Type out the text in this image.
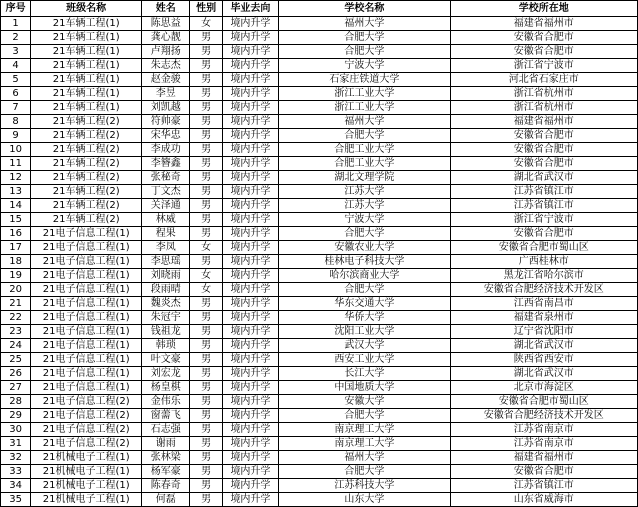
序号	班级名称	姓名	性别	毕业去向	学校名称	学校所在地
1	21车辆工程(1)	陈思益	女	境内升学	福州大学	福建省福州市
2	21车辆工程(1)	龚心靓	男	境内升学	合肥大学	安徽省合肥市
3	21车辆工程(1)	卢翔扬	男	境内升学	合肥大学	安徽省合肥市
4	21车辆工程(1)	朱志杰	男	境内升学	宁波大学	浙江省宁波市
5	21车辆工程(1)	赵金骏	男	境内升学	石家庄铁道大学	河北省石家庄市
6	21车辆工程(1)	李昱	男	境内升学	浙江工业大学	浙江省杭州市
7	21车辆工程(1)	刘凯越	男	境内升学	浙江工业大学	浙江省杭州市
8	21车辆工程(2)	符帅豪	男	境内升学	福州大学	福建省福州市
9	21车辆工程(2)	宋华忠	男	境内升学	合肥大学	安徽省合肥市
10	21车辆工程(2)	李成功	男	境内升学	合肥工业大学	安徽省合肥市
11	21车辆工程(2)	李簪鑫	男	境内升学	合肥工业大学	安徽省合肥市
12	21车辆工程(2)	张秘奇	男	境内升学	湖北文理学院	湖北省武汉市
13	21车辆工程(2)	丁文杰	男	境内升学	江苏大学	江苏省镇江市
14	21车辆工程(2)	关泽通	男	境内升学	江苏大学	江苏省镇江市
15	21车辆工程(2)	林威	男	境内升学	宁波大学	浙江省宁波市
16	21电子信息工程(1)	程果	男	境内升学	合肥大学	安徽省合肥市
17	21电子信息工程(1)	李凤	女	境内升学	安徽农业大学	安徽省合肥市蜀山区
18	21电子信息工程(1)	李思瑶	男	境内升学	桂林电子科技大学	广西桂林市
19	21电子信息工程(1)	刘晓雨	女	境内升学	哈尔滨商业大学	黑龙江省哈尔滨市
20	21电子信息工程(1)	段雨晴	女	境内升学	合肥大学	安徽省合肥经济技术开发区
21	21电子信息工程(1)	魏炎杰	男	境内升学	华东交通大学	江西省南昌市
22	21电子信息工程(1)	朱冠宇	男	境内升学	华侨大学	福建省泉州市
23	21电子信息工程(1)	钱祖龙	男	境内升学	沈阳工业大学	辽宁省沈阳市
24	21电子信息工程(1)	韩琐	男	境内升学	武汉大学	湖北省武汉市
25	21电子信息工程(1)	叶文豪	男	境内升学	西安工业大学	陕西省西安市
26	21电子信息工程(1)	刘宏龙	男	境内升学	长江大学	湖北省武汉市
27	21电子信息工程(1)	杨皇棋	男	境内升学	中国地质大学	北京市海淀区
28	21电子信息工程(2)	金伟乐	男	境内升学	安徽大学	安徽省合肥市蜀山区
29	21电子信息工程(2)	窗薷飞	男	境内升学	合肥大学	安徽省合肥经济技术开发区
30	21电子信息工程(2)	石志强	男	境内升学	南京理工大学	江苏省南京市
31	21电子信息工程(2)	谢雨	男	境内升学	南京理工大学	江苏省南京市
32	21机械电子工程(1)	张林梁	男	境内升学	福州大学	福建省福州市
33	21机械电子工程(1)	杨军豪	男	境内升学	合肥大学	安徽省合肥市
34	21机械电子工程(1)	陈春奇	男	境内升学	江苏科技大学	江苏省镇江市
35	21机械电子工程(1)	何磊	男	境内升学	山东大学	山东省威海市
